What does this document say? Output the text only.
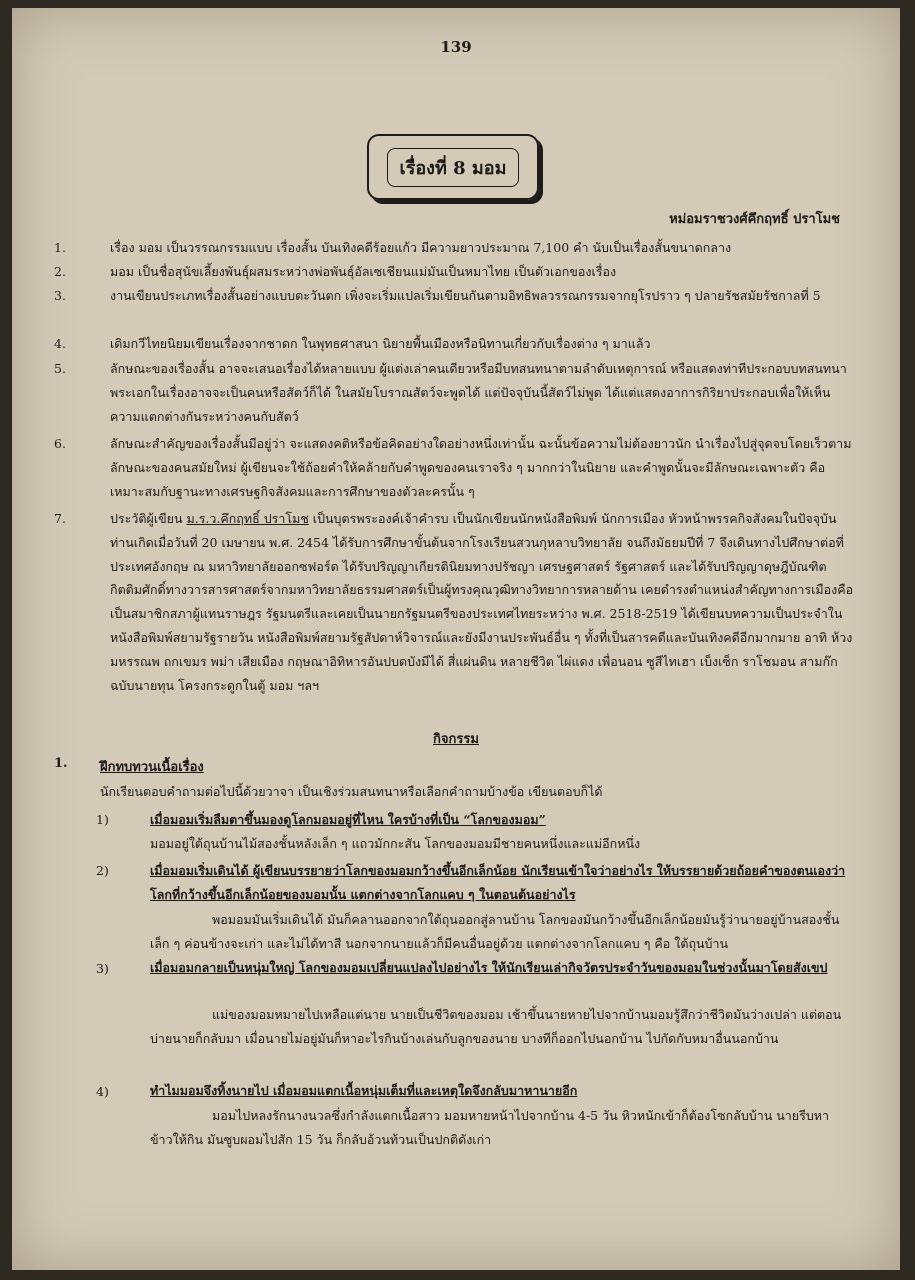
139
เรื่องที่ 8 มอม
หม่อมราชวงศ์คึกฤทธิ์ ปราโมช
1.	เรื่อง มอม เป็นวรรณกรรมแบบ เรื่องสั้น บันเทิงคดีร้อยแก้ว มีความยาวประมาณ 7,100 คำ นับเป็นเรื่องสั้นขนาดกลาง
2.	มอม เป็นชื่อสุนัขเลี้ยงพันธุ์ผสมระหว่างพ่อพันธุ์อัลเซเชียนแม่มันเป็นหมาไทย เป็นตัวเอกของเรื่อง
3.	งานเขียนประเภทเรื่องสั้นอย่างแบบตะวันตก เพิ่งจะเริ่มแปลเริ่มเขียนกันตามอิทธิพลวรรณกรรมจากยุโรปราว ๆ ปลายรัชสมัยรัชกาลที่ 5
4.	เดิมกวีไทยนิยมเขียนเรื่องจากชาดก ในพุทธศาสนา นิยายพื้นเมืองหรือนิทานเกี่ยวกับเรื่องต่าง ๆ มาแล้ว
5.	ลักษณะของเรื่องสั้น อาจจะเสนอเรื่องได้หลายแบบ ผู้แต่งเล่าคนเดียวหรือมีบทสนทนาตามลำดับเหตุการณ์ หรือแสดงท่าทีประกอบบทสนทนา พระเอกในเรื่องอาจจะเป็นคนหรือสัตว์ก็ได้ ในสมัยโบราณสัตว์จะพูดได้ แต่ปัจจุบันนี้สัตว์ไม่พูด ได้แต่แสดงอาการกิริยาประกอบเพื่อให้เห็นความแตกต่างกันระหว่างคนกับสัตว์
6.	ลักษณะสำคัญของเรื่องสั้นมีอยู่ว่า จะแสดงคติหรือข้อคิดอย่างใดอย่างหนึ่งเท่านั้น ฉะนั้นข้อความไม่ต้องยาวนัก นำเรื่องไปสู่จุดจบโดยเร็วตามลักษณะของคนสมัยใหม่ ผู้เขียนจะใช้ถ้อยคำให้คล้ายกับคำพูดของคนเราจริง ๆ มากกว่าในนิยาย และคำพูดนั้นจะมีลักษณะเฉพาะตัว คือเหมาะสมกับฐานะทางเศรษฐกิจสังคมและการศึกษาของตัวละครนั้น ๆ
7.	ประวัติผู้เขียน ม.ร.ว.คึกฤทธิ์ ปราโมช เป็นบุตรพระองค์เจ้าคำรบ เป็นนักเขียนนักหนังสือพิมพ์ นักการเมือง หัวหน้าพรรคกิจสังคมในปัจจุบัน ท่านเกิดเมื่อวันที่ 20 เมษายน พ.ศ. 2454 ได้รับการศึกษาขั้นต้นจากโรงเรียนสวนกุหลาบวิทยาลัย จนถึงมัธยมปีที่ 7 จึงเดินทางไปศึกษาต่อที่ประเทศอังกฤษ ณ มหาวิทยาลัยออกซฟอร์ด ได้รับปริญญาเกียรตินิยมทางปรัชญา เศรษฐศาสตร์ รัฐศาสตร์ และได้รับปริญญาดุษฎีบัณฑิตกิตติมศักดิ์ทางวารสารศาสตร์จากมหาวิทยาลัยธรรมศาสตร์เป็นผู้ทรงคุณวุฒิทางวิทยาการหลายด้าน เคยดำรงตำแหน่งสำคัญทางการเมืองคือเป็นสมาชิกสภาผู้แทนราษฎร รัฐมนตรีและเคยเป็นนายกรัฐมนตรีของประเทศไทยระหว่าง พ.ศ. 2518-2519 ได้เขียนบทความเป็นประจำในหนังสือพิมพ์สยามรัฐรายวัน หนังสือพิมพ์สยามรัฐสัปดาห์วิจารณ์และยังมีงานประพันธ์อื่น ๆ ทั้งที่เป็นสารคดีและบันเทิงคดีอีกมากมาย อาทิ ห้วงมหรรณพ ถกเขมร พม่า เสียเมือง กฤษณาอิทิหารอันปบดบังมีได้ สี่แผ่นดิน หลายชีวิต ไผ่แดง เพื่อนอน ซูสีไทเฮา เบ็งเซ็ก ราโชมอน สามก๊กฉบับนายทุน โครงกระดูกในตู้ มอม ฯลฯ
กิจกรรม
1. ฝึกทบทวนเนื้อเรื่อง
นักเรียนตอบคำถามต่อไปนี้ด้วยวาจา เป็นเชิงร่วมสนทนาหรือเลือกคำถามบ้างข้อ เขียนตอบก็ได้
1)	เมื่อมอมเริ่มลืมตาขึ้นมองดูโลกมอมอยู่ที่ไหน ใครบ้างที่เป็น “โลกของมอม”
มอมอยู่ใต้ถุนบ้านไม้สองชั้นหลังเล็ก ๆ แถวมักกะสัน โลกของมอมมีชายคนหนึ่งและแม่อีกหนึ่ง
2)	เมื่อมอมเริ่มเดินได้ ผู้เขียนบรรยายว่าโลกของมอมกว้างขึ้นอีกเล็กน้อย นักเรียนเข้าใจว่าอย่างไร ให้บรรยายด้วยถ้อยคำของตนเองว่าโลกที่กว้างขึ้นอีกเล็กน้อยของมอมนั้น แตกต่างจากโลกแคบ ๆ ในตอนต้นอย่างไร
พอมอมมันเริ่มเดินได้ มันก็คลานออกจากใต้ถุนออกสู่ลานบ้าน โลกของมันกว้างขึ้นอีกเล็กน้อยมันรู้ว่านายอยู่บ้านสองชั้นเล็ก ๆ ค่อนข้างจะเก่า และไม่ได้ทาสี นอกจากนายแล้วก็มีคนอื่นอยู่ด้วย แตกต่างจากโลกแคบ ๆ คือ ใต้ถุนบ้าน
3)	เมื่อมอมกลายเป็นหนุ่มใหญ่ โลกของมอมเปลี่ยนแปลงไปอย่างไร ให้นักเรียนเล่ากิจวัตรประจำวันของมอมในช่วงนั้นมาโดยสังเขป
แม่ของมอมหมายไปเหลือแต่นาย นายเป็นชีวิตของมอม เช้าขึ้นนายหายไปจากบ้านมอมรู้สึกว่าชีวิตมันว่างเปล่า แต่ตอนบ่ายนายก็กลับมา เมื่อนายไม่อยู่มันก็หาอะไรกินบ้างเล่นกับลูกของนาย บางทีก็ออกไปนอกบ้าน ไปกัดกับหมาอื่นนอกบ้าน
4)	ทำไมมอมจึงทิ้งนายไป เมื่อมอมแตกเนื้อหนุ่มเต็มที่และเหตุใดจึงกลับมาหานายอีก
มอมไปหลงรักนางนวลซึ่งกำลังแตกเนื้อสาว มอมหายหน้าไปจากบ้าน 4-5 วัน หิวหนักเข้าก็ต้องโซกลับบ้าน นายรีบหาข้าวให้กิน มันซูบผอมไปสัก 15 วัน ก็กลับอ้วนท้วนเป็นปกติดังเก่า
